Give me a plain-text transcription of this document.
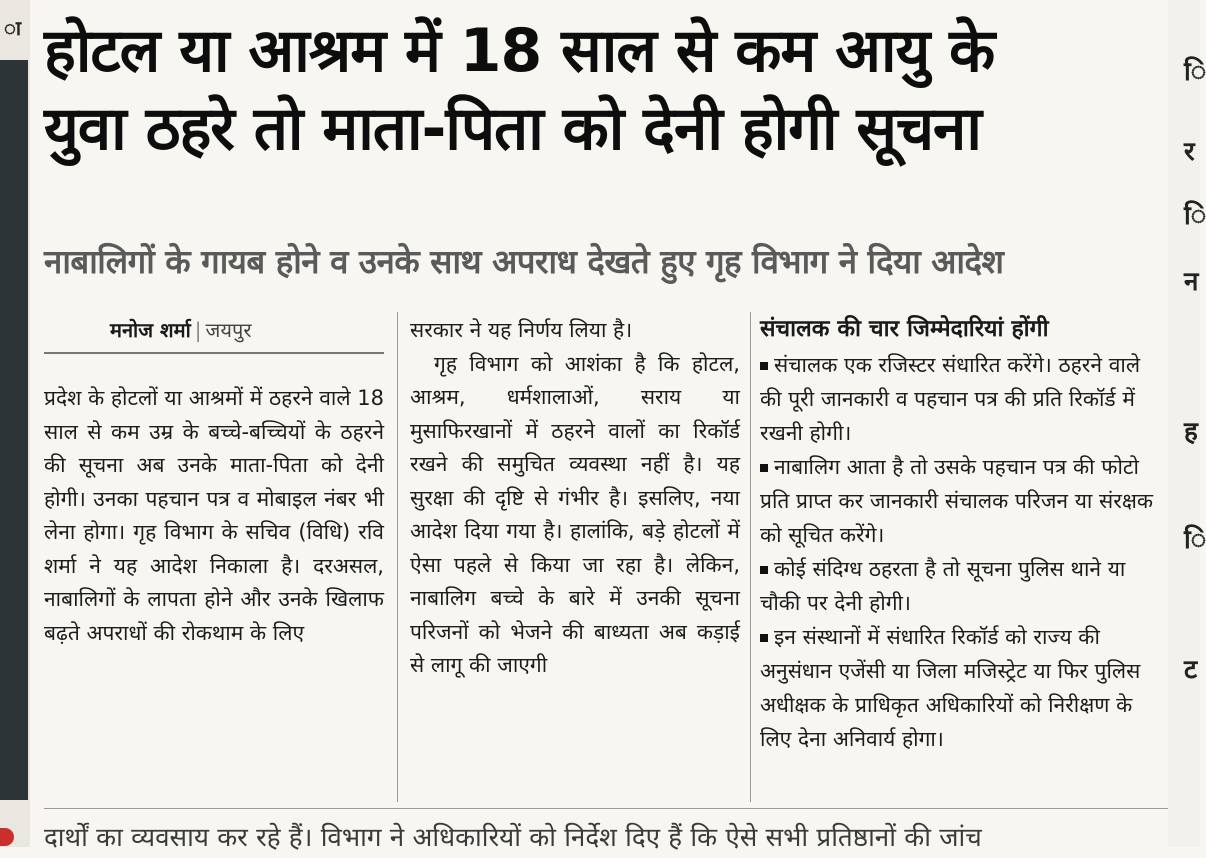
ा
ि
र
ि
न
ह
ि
ट
होटल या आश्रम में 18 साल से कम आयु के
युवा ठहरे तो माता-पिता को देनी होगी सूचना
नाबालिगों के गायब होने व उनके साथ अपराध देखते हुए गृह विभाग ने दिया आदेश
मनोज शर्मा | जयपुर

प्रदेश के होटलों या आश्रमों में ठहरने वाले 18 साल से कम उम्र के बच्चे-बच्चियों के ठहरने की सूचना अब उनके माता-पिता को देनी होगी। उनका पहचान पत्र व मोबाइल नंबर भी लेना होगा। गृह विभाग के सचिव (विधि) रवि शर्मा ने यह आदेश निकाला है। दरअसल, नाबालिगों के लापता होने और उनके खिलाफ बढ़ते अपराधों की रोकथाम के लिए

सरकार ने यह निर्णय लिया है।

गृह विभाग को आशंका है कि होटल, आश्रम, धर्मशालाओं, सराय या मुसाफिरखानों में ठहरने वालों का रिकॉर्ड रखने की समुचित व्यवस्था नहीं है। यह सुरक्षा की दृष्टि से गंभीर है। इसलिए, नया आदेश दिया गया है। हालांकि, बड़े होटलों में ऐसा पहले से किया जा रहा है। लेकिन, नाबालिग बच्चे के बारे में उनकी सूचना परिजनों को भेजने की बाध्यता अब कड़ाई से लागू की जाएगी

संचालक की चार जिम्मेदारियां होंगी

संचालक एक रजिस्टर संधारित करेंगे। ठहरने वाले की पूरी जानकारी व पहचान पत्र की प्रति रिकॉर्ड में रखनी होगी।
नाबालिग आता है तो उसके पहचान पत्र की फोटो प्रति प्राप्त कर जानकारी संचालक परिजन या संरक्षक को सूचित करेंगे।
कोई संदिग्ध ठहरता है तो सूचना पुलिस थाने या चौकी पर देनी होगी।
इन संस्थानों में संधारित रिकॉर्ड को राज्य की अनुसंधान एजेंसी या जिला मजिस्ट्रेट या फिर पुलिस अधीक्षक के प्राधिकृत अधिकारियों को निरीक्षण के लिए देना अनिवार्य होगा।
दार्थों का व्यवसाय कर रहे हैं। विभाग ने अधिकारियों को निर्देश दिए हैं कि ऐसे सभी प्रतिष्ठानों की जांच
